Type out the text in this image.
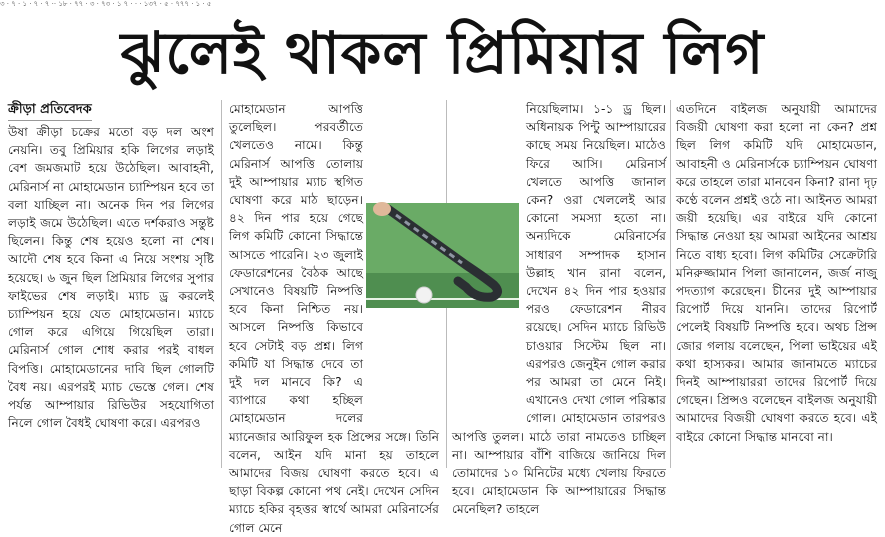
৩ · ৭ · ১ · ৭ · ৭ ·· ১৮ · ৭৭ · ৩ · ৭৩ · ১ ৭ · · · ১৩৭ · ৫ · ৭৭৭ · ১ · ৫
ঝুলেই থাকল প্রিমিয়ার লিগ
ক্রীড়া প্রতিবেদক

উষা ক্রীড়া চক্রের মতো বড় দল অংশ নেয়নি। তবু প্রিমিয়ার হকি লিগের লড়াই বেশ জমজমাট হয়ে উঠেছিল। আবাহনী, মেরিনার্স না মোহামেডান চ্যাম্পিয়ন হবে তা বলা যাচ্ছিল না। অনেক দিন পর লিগের লড়াই জমে উঠেছিল। এতে দর্শকরাও সন্তুষ্ট ছিলেন। কিন্তু শেষ হয়েও হলো না শেষ। আদৌ শেষ হবে কিনা এ নিয়ে সংশয় সৃষ্টি হয়েছে। ৬ জুন ছিল প্রিমিয়ার লিগের সুপার ফাইভের শেষ লড়াই। ম্যাচ ড্র করলেই চ্যাম্পিয়ন হয়ে যেত মোহামেডান। ম্যাচে গোল করে এগিয়ে গিয়েছিল তারা। মেরিনার্স গোল শোধ করার পরই বাধল বিপত্তি। মোহামেডানের দাবি ছিল গোলটি বৈধ নয়। এরপরই ম্যাচ ভেস্তে গেল। শেষ পর্যন্ত আম্পায়ার রিভিউর সহযোগিতা নিলে গোল বৈধই ঘোষণা করে। এরপরও

মোহামেডান আপত্তি তুলেছিল। পরবর্তীতে খেলতেও নামে। কিন্তু মেরিনার্স আপত্তি তোলায় দুই আম্পায়ার ম্যাচ স্থগিত ঘোষণা করে মাঠ ছাড়েন। ৪২ দিন পার হয়ে গেছে লিগ কমিটি কোনো সিদ্ধান্তে আসতে পারেনি। ২৩ জুলাই ফেডারেশনের বৈঠক আছে সেখানেও বিষয়টি নিষ্পত্তি হবে কিনা নিশ্চিত নয়। আসলে নিষ্পত্তি কিভাবে হবে সেটাই বড় প্রশ্ন। লিগ কমিটি যা সিদ্ধান্ত দেবে তা দুই দল মানবে কি? এ ব্যাপারে কথা হচ্ছিল মোহামেডান দলের ম্যানেজার আরিফুল হক প্রিন্সের সঙ্গে। তিনি বলেন, আইন যদি মানা হয় তাহলে আমাদের বিজয় ঘোষণা করতে হবে। এ ছাড়া বিকল্প কোনো পথ নেই। দেখেন সেদিন ম্যাচে হকির বৃহত্তর স্বার্থে আমরা মেরিনার্সের গোল মেনে

নিয়েছিলাম। ১-১ ড্র ছিল। অধিনায়ক পিন্টু আম্পায়ারের কাছে সময় নিয়েছিল। মাঠেও ফিরে আসি। মেরিনার্স খেলতে আপত্তি জানাল কেন? ওরা খেললেই আর কোনো সমস্যা হতো না। অন্যদিকে মেরিনার্সের সাধারণ সম্পাদক হাসান উল্লাহ খান রানা বলেন, দেখেন ৪২ দিন পার হওয়ার পরও ফেডারেশন নীরব রয়েছে। সেদিন ম্যাচে রিভিউ চাওয়ার সিস্টেম ছিল না। এরপরও জেনুইন গোল করার পর আমরা তা মেনে নিই। এখানেও দেখা গোল পরিষ্কার গোল। মোহামেডান তারপরও আপত্তি তুলল। মাঠে তারা নামতেও চাচ্ছিল না। আম্পায়ার বাঁশি বাজিয়ে জানিয়ে দিল তোমাদের ১০ মিনিটের মধ্যে খেলায় ফিরতে হবে। মোহামেডান কি আম্পায়ারের সিদ্ধান্ত মেনেছিল? তাহলে

এতদিনে বাইলজ অনুযায়ী আমাদের বিজয়ী ঘোষণা করা হলো না কেন? প্রশ্ন ছিল লিগ কমিটি যদি মোহামেডান, আবাহনী ও মেরিনার্সকে চ্যাম্পিয়ন ঘোষণা করে তাহলে তারা মানবেন কিনা? রানা দৃঢ় কণ্ঠে বলেন প্রশ্নই ওঠে না। আইনত আমরা জয়ী হয়েছি। এর বাইরে যদি কোনো সিদ্ধান্ত নেওয়া হয় আমরা আইনের আশ্রয় নিতে বাধ্য হবো। লিগ কমিটির সেক্রেটারি মনিরুজ্জামান পিলা জানালেন, জর্জ নাজু পদত্যাগ করেছেন। চীনের দুই আম্পায়ার রিপোর্ট দিয়ে যাননি। তাদের রিপোর্ট পেলেই বিষয়টি নিষ্পত্তি হবে। অথচ প্রিন্স জোর গলায় বলেছেন, পিলা ভাইয়ের এই কথা হাস্যকর। আমার জানামতে ম্যাচের দিনই আম্পায়াররা তাদের রিপোর্ট দিয়ে গেছেন। প্রিন্সও বলেছেন বাইলজ অনুযায়ী আমাদের বিজয়ী ঘোষণা করতে হবে। এই বাইরে কোনো সিদ্ধান্ত মানবো না।
